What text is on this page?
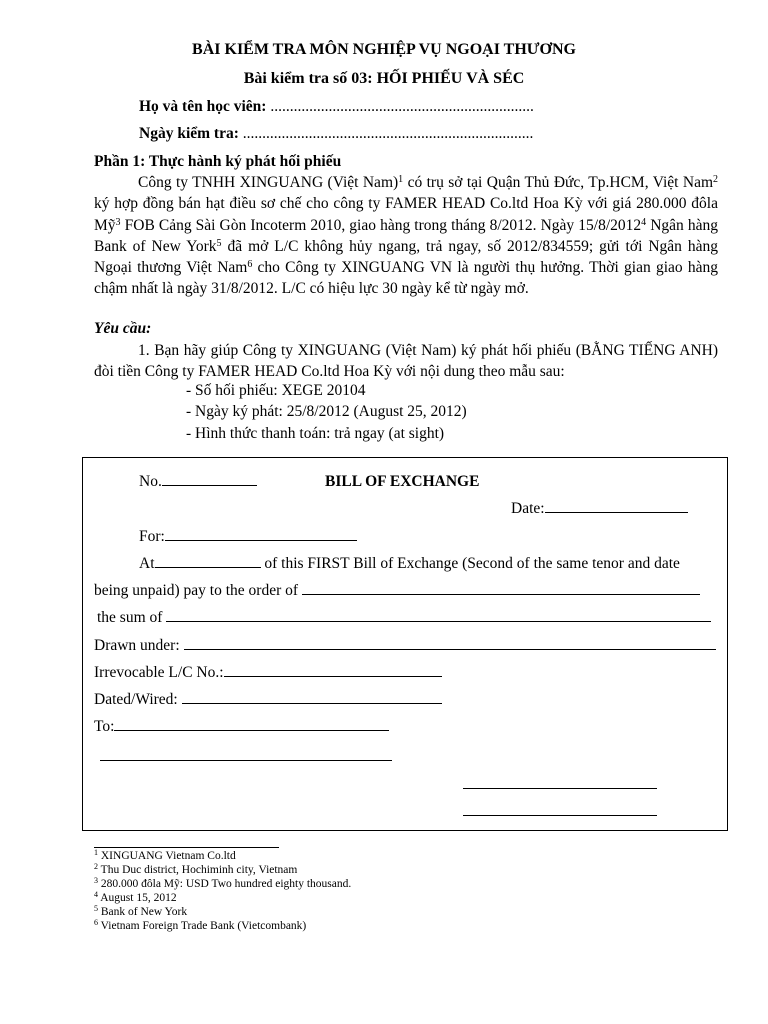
BÀI KIỂM TRA MÔN NGHIỆP VỤ NGOẠI THƯƠNG
Bài kiểm tra số 03: HỐI PHIẾU VÀ SÉC
Họ và tên học viên: ....................................................................
Ngày kiểm tra: ...........................................................................
Phần 1: Thực hành ký phát hối phiếu
Công ty TNHH XINGUANG (Việt Nam)$^1$ có trụ sở tại Quận Thủ Đức, Tp.HCM, Việt Nam$^2$ ký hợp đồng bán hạt điều sơ chế cho công ty FAMER HEAD Co.ltd Hoa Kỳ với giá 280.000 đôla Mỹ$^3$ FOB Cảng Sài Gòn Incoterm 2010, giao hàng trong tháng 8/2012. Ngày 15/8/2012$^4$ Ngân hàng Bank of New York$^5$ đã mở L/C không hủy ngang, trả ngay, số 2012/834559; gửi tới Ngân hàng Ngoại thương Việt Nam$^6$ cho Công ty XINGUANG VN là người thụ hưởng. Thời gian giao hàng chậm nhất là ngày 31/8/2012. L/C có hiệu lực 30 ngày kể từ ngày mở.
Yêu cầu:
1. Bạn hãy giúp Công ty XINGUANG (Việt Nam) ký phát hối phiếu (BẰNG TIẾNG ANH) đòi tiền Công ty FAMER HEAD Co.ltd Hoa Kỳ với nội dung theo mẫu sau:
- Số hối phiếu: XEGE 20104
- Ngày ký phát: 25/8/2012 (August 25, 2012)
- Hình thức thanh toán: trả ngay (at sight)
No.	BILL OF EXCHANGE
Date:
For:
At	of this FIRST Bill of Exchange (Second of the same tenor and date
being unpaid) pay to the order of
the sum of
Drawn under:
Irrevocable L/C No.:
Dated/Wired:
To:
$^1$ XINGUANG Vietnam Co.ltd
$^2$ Thu Duc district, Hochiminh city, Vietnam
$^3$ 280.000 đôla Mỹ: USD Two hundred eighty thousand.
$^4$ August 15, 2012
$^5$ Bank of New York
$^6$ Vietnam Foreign Trade Bank (Vietcombank)
